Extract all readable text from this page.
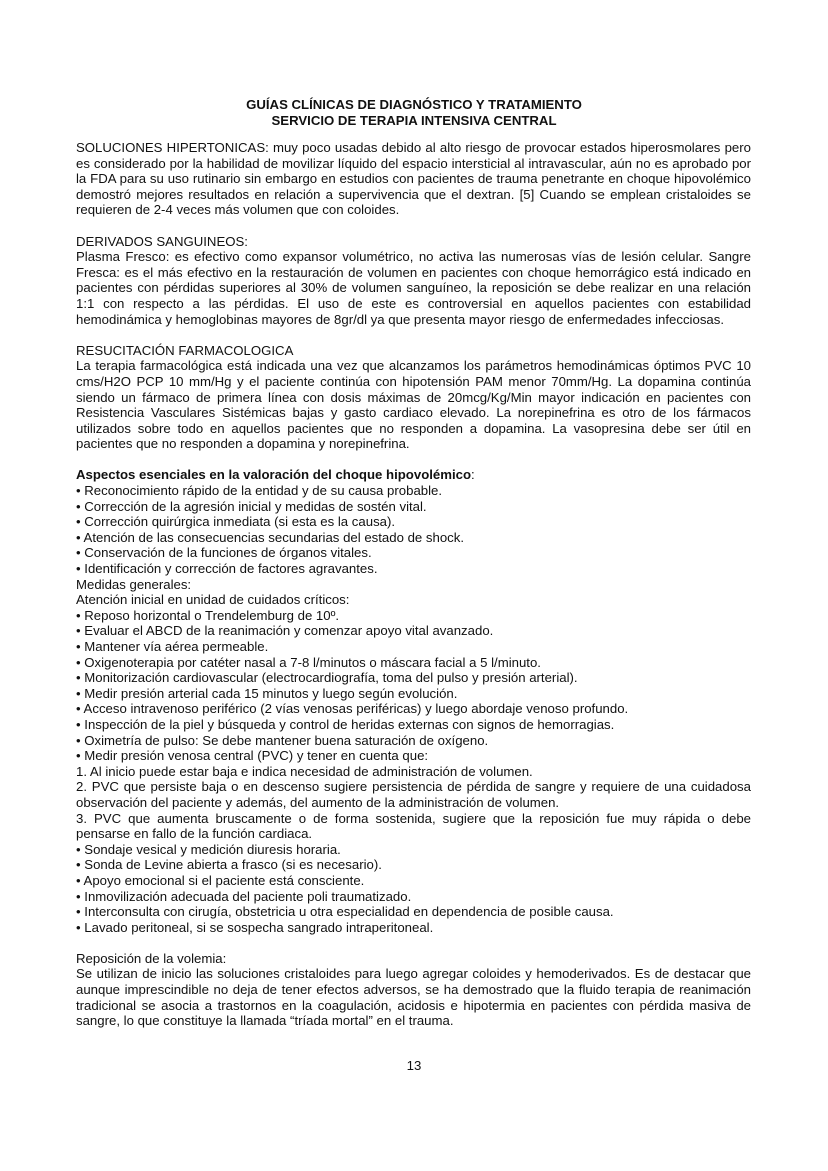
GUÍAS CLÍNICAS DE DIAGNÓSTICO Y TRATAMIENTO
SERVICIO DE TERAPIA INTENSIVA CENTRAL

SOLUCIONES HIPERTONICAS: muy poco usadas debido al alto riesgo de provocar estados hiperosmolares pero es considerado por la habilidad de movilizar líquido del espacio intersticial al intravascular, aún no es aprobado por la FDA para su uso rutinario sin embargo en estudios con pacientes de trauma penetrante en choque hipovolémico demostró mejores resultados en relación a supervivencia que el dextran. [5] Cuando se emplean cristaloides se requieren de 2-4 veces más volumen que con coloides.

DERIVADOS SANGUINEOS:
Plasma Fresco: es efectivo como expansor volumétrico, no activa las numerosas vías de lesión celular. Sangre Fresca: es el más efectivo en la restauración de volumen en pacientes con choque hemorrágico está indicado en pacientes con pérdidas superiores al 30% de volumen sanguíneo, la reposición se debe realizar en una relación 1:1 con respecto a las pérdidas. El uso de este es controversial en aquellos pacientes con estabilidad hemodinámica y hemoglobinas mayores de 8gr/dl ya que presenta mayor riesgo de enfermedades infecciosas.
RESUCITACIÓN FARMACOLOGICA
La terapia farmacológica está indicada una vez que alcanzamos los parámetros hemodinámicas óptimos PVC 10 cms/H2O PCP 10 mm/Hg y el paciente continúa con hipotensión PAM menor 70mm/Hg. La dopamina continúa siendo un fármaco de primera línea con dosis máximas de 20mcg/Kg/Min mayor indicación en pacientes con Resistencia Vasculares Sistémicas bajas y gasto cardiaco elevado. La norepinefrina es otro de los fármacos utilizados sobre todo en aquellos pacientes que no responden a dopamina. La vasopresina debe ser útil en pacientes que no responden a dopamina y norepinefrina.
Aspectos esenciales en la valoración del choque hipovolémico:
• Reconocimiento rápido de la entidad y de su causa probable.
• Corrección de la agresión inicial y medidas de sostén vital.
• Corrección quirúrgica inmediata (si esta es la causa).
• Atención de las consecuencias secundarias del estado de shock.
• Conservación de la funciones de órganos vitales.
• Identificación y corrección de factores agravantes.
Medidas generales:
Atención inicial en unidad de cuidados críticos:
• Reposo horizontal o Trendelemburg de 10º.
• Evaluar el ABCD de la reanimación y comenzar apoyo vital avanzado.
• Mantener vía aérea permeable.
• Oxigenoterapia por catéter nasal a 7-8 l/minutos o máscara facial a 5 l/minuto.
• Monitorización cardiovascular (electrocardiografía, toma del pulso y presión arterial).
• Medir presión arterial cada 15 minutos y luego según evolución.
• Acceso intravenoso periférico (2 vías venosas periféricas) y luego abordaje venoso profundo.
• Inspección de la piel y búsqueda y control de heridas externas con signos de hemorragias.
• Oximetría de pulso: Se debe mantener buena saturación de oxígeno.
• Medir presión venosa central (PVC) y tener en cuenta que:
1. Al inicio puede estar baja e indica necesidad de administración de volumen.
2. PVC que persiste baja o en descenso sugiere persistencia de pérdida de sangre y requiere de una cuidadosa observación del paciente y además, del aumento de la administración de volumen.
3. PVC que aumenta bruscamente o de forma sostenida, sugiere que la reposición fue muy rápida o debe pensarse en fallo de la función cardiaca.
• Sondaje vesical y medición diuresis horaria.
• Sonda de Levine abierta a frasco (si es necesario).
• Apoyo emocional si el paciente está consciente.
• Inmovilización adecuada del paciente poli traumatizado.
• Interconsulta con cirugía, obstetricia u otra especialidad en dependencia de posible causa.
• Lavado peritoneal, si se sospecha sangrado intraperitoneal.
Reposición de la volemia:
Se utilizan de inicio las soluciones cristaloides para luego agregar coloides y hemoderivados. Es de destacar que aunque imprescindible no deja de tener efectos adversos, se ha demostrado que la fluido terapia de reanimación tradicional se asocia a trastornos en la coagulación, acidosis e hipotermia en pacientes con pérdida masiva de sangre, lo que constituye la llamada “tríada mortal” en el trauma.
13
